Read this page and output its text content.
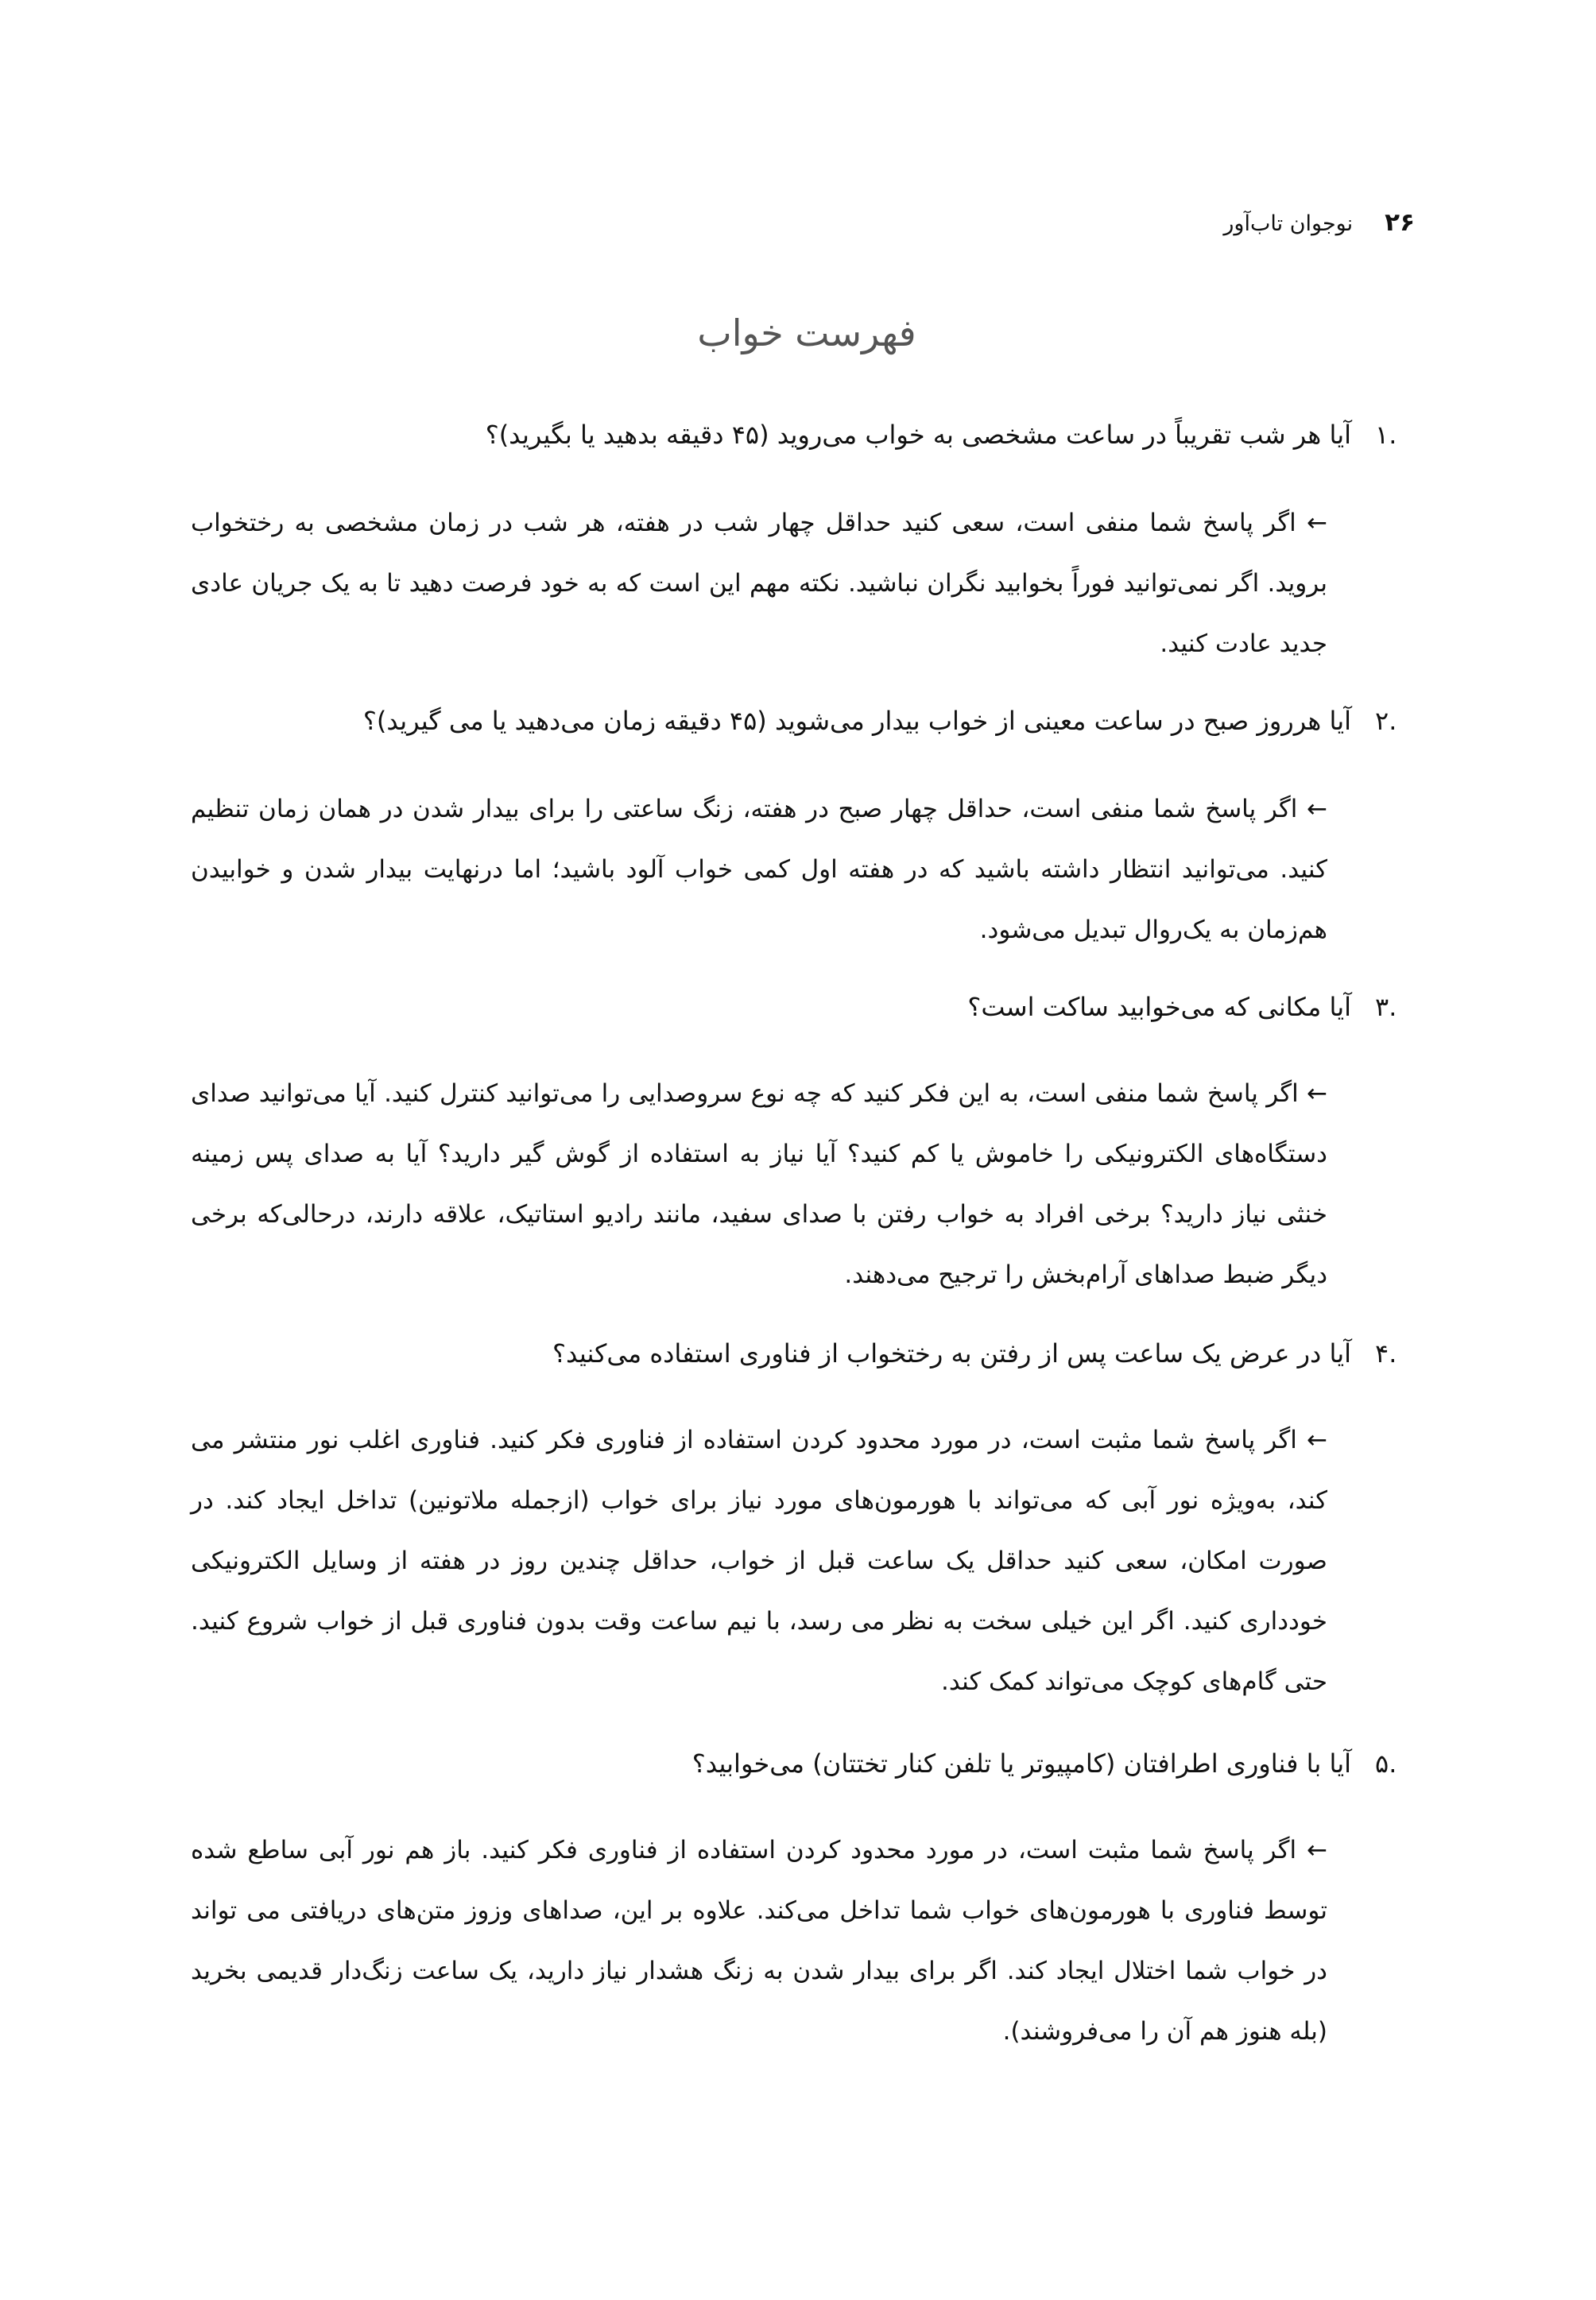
۲۶
نوجوان تاب‌آور
فهرست خواب
.۱
آیا هر شب تقریباً در ساعت مشخصی به خواب می‌روید (۴۵ دقیقه بدهید یا بگیرید)؟
← اگر پاسخ شما منفی است، سعی کنید حداقل چهار شب در هفته، هر شب در زمان مشخصی به رختخواب بروید. اگر نمی‌توانید فوراً بخوابید نگران نباشید. نکته مهم این است که به خود فرصت دهید تا به یک جریان عادی جدید عادت کنید.
.۲
آیا هرروز صبح در ساعت معینی از خواب بیدار می‌شوید (۴۵ دقیقه زمان می‌دهید یا می گیرید)؟
← اگر پاسخ شما منفی است، حداقل چهار صبح در هفته، زنگ ساعتی را برای بیدار شدن در همان زمان تنظیم کنید. می‌توانید انتظار داشته باشید که در هفته اول کمی خواب آلود باشید؛ اما درنهایت بیدار شدن و خوابیدن هم‌زمان به یک‌روال تبدیل می‌شود.
.۳
آیا مکانی که می‌خوابید ساکت است؟
← اگر پاسخ شما منفی است، به این فکر کنید که چه نوع سروصدایی را می‌توانید کنترل کنید. آیا می‌توانید صدای دستگاه‌های الکترونیکی را خاموش یا کم کنید؟ آیا نیاز به استفاده از گوش گیر دارید؟ آیا به صدای پس زمینه خنثی نیاز دارید؟ برخی افراد به خواب رفتن با صدای سفید، مانند رادیو استاتیک، علاقه دارند، درحالی‌که برخی دیگر ضبط صداهای آرام‌بخش را ترجیح می‌دهند.
.۴
آیا در عرض یک ساعت پس از رفتن به رختخواب از فناوری استفاده می‌کنید؟
← اگر پاسخ شما مثبت است، در مورد محدود کردن استفاده از فناوری فکر کنید. فناوری اغلب نور منتشر می کند، به‌ویژه نور آبی که می‌تواند با هورمون‌های مورد نیاز برای خواب (ازجمله ملاتونین) تداخل ایجاد کند. در صورت امکان، سعی کنید حداقل یک ساعت قبل از خواب، حداقل چندین روز در هفته از وسایل الکترونیکی خودداری کنید. اگر این خیلی سخت به نظر می رسد، با نیم ساعت وقت بدون فناوری قبل از خواب شروع کنید. حتی گام‌های کوچک می‌تواند کمک کند.
.۵
آیا با فناوری اطرافتان (کامپیوتر یا تلفن کنار تختتان) می‌خوابید؟
← اگر پاسخ شما مثبت است، در مورد محدود کردن استفاده از فناوری فکر کنید. باز هم نور آبی ساطع شده توسط فناوری با هورمون‌های خواب شما تداخل می‌کند. علاوه بر این، صداهای وزوز متن‌های دریافتی می تواند در خواب شما اختلال ایجاد کند. اگر برای بیدار شدن به زنگ هشدار نیاز دارید، یک ساعت زنگ‌دار قدیمی بخرید (بله هنوز هم آن را می‌فروشند).
